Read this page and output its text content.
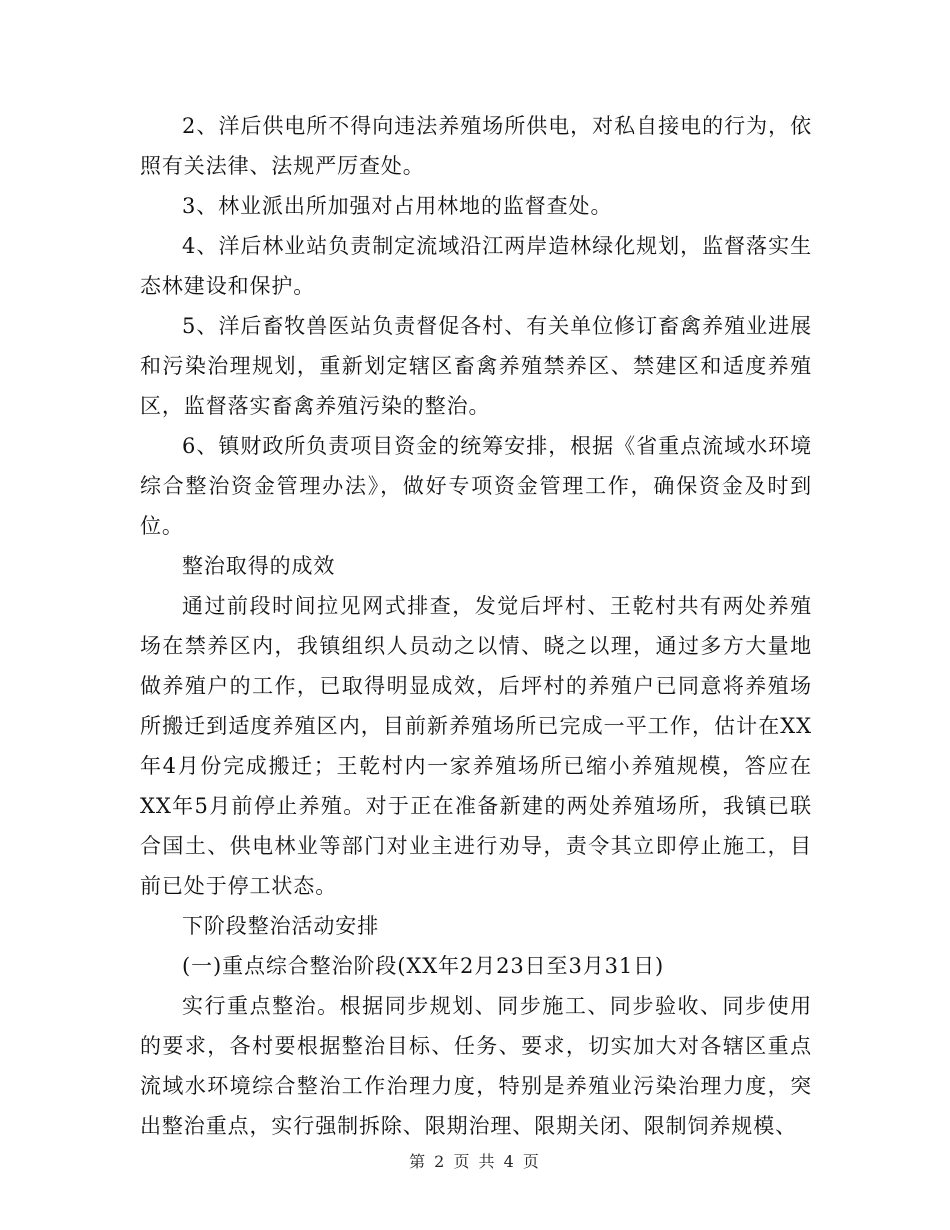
2、洋后供电所不得向违法养殖场所供电，对私自接电的行为，依照有关法律、法规严厉查处。

3、林业派出所加强对占用林地的监督查处。

4、洋后林业站负责制定流域沿江两岸造林绿化规划，监督落实生态林建设和保护。

5、洋后畜牧兽医站负责督促各村、有关单位修订畜禽养殖业进展和污染治理规划，重新划定辖区畜禽养殖禁养区、禁建区和适度养殖区，监督落实畜禽养殖污染的整治。

6、镇财政所负责项目资金的统筹安排，根据《省重点流域水环境综合整治资金管理办法》，做好专项资金管理工作，确保资金及时到位。

整治取得的成效

通过前段时间拉见网式排查，发觉后坪村、王乾村共有两处养殖场在禁养区内，我镇组织人员动之以情、晓之以理，通过多方大量地做养殖户的工作，已取得明显成效，后坪村的养殖户已同意将养殖场所搬迁到适度养殖区内，目前新养殖场所已完成一平工作，估计在XX年4月份完成搬迁；王乾村内一家养殖场所已缩小养殖规模，答应在XX年5月前停止养殖。对于正在准备新建的两处养殖场所，我镇已联合国土、供电林业等部门对业主进行劝导，责令其立即停止施工，目前已处于停工状态。

下阶段整治活动安排

(一)重点综合整治阶段(XX年2月23日至3月31日)

实行重点整治。根据同步规划、同步施工、同步验收、同步使用的要求，各村要根据整治目标、任务、要求，切实加大对各辖区重点流域水环境综合整治工作治理力度，特别是养殖业污染治理力度，突出整治重点，实行强制拆除、限期治理、限期关闭、限制饲养规模、

第 2 页 共 4 页
